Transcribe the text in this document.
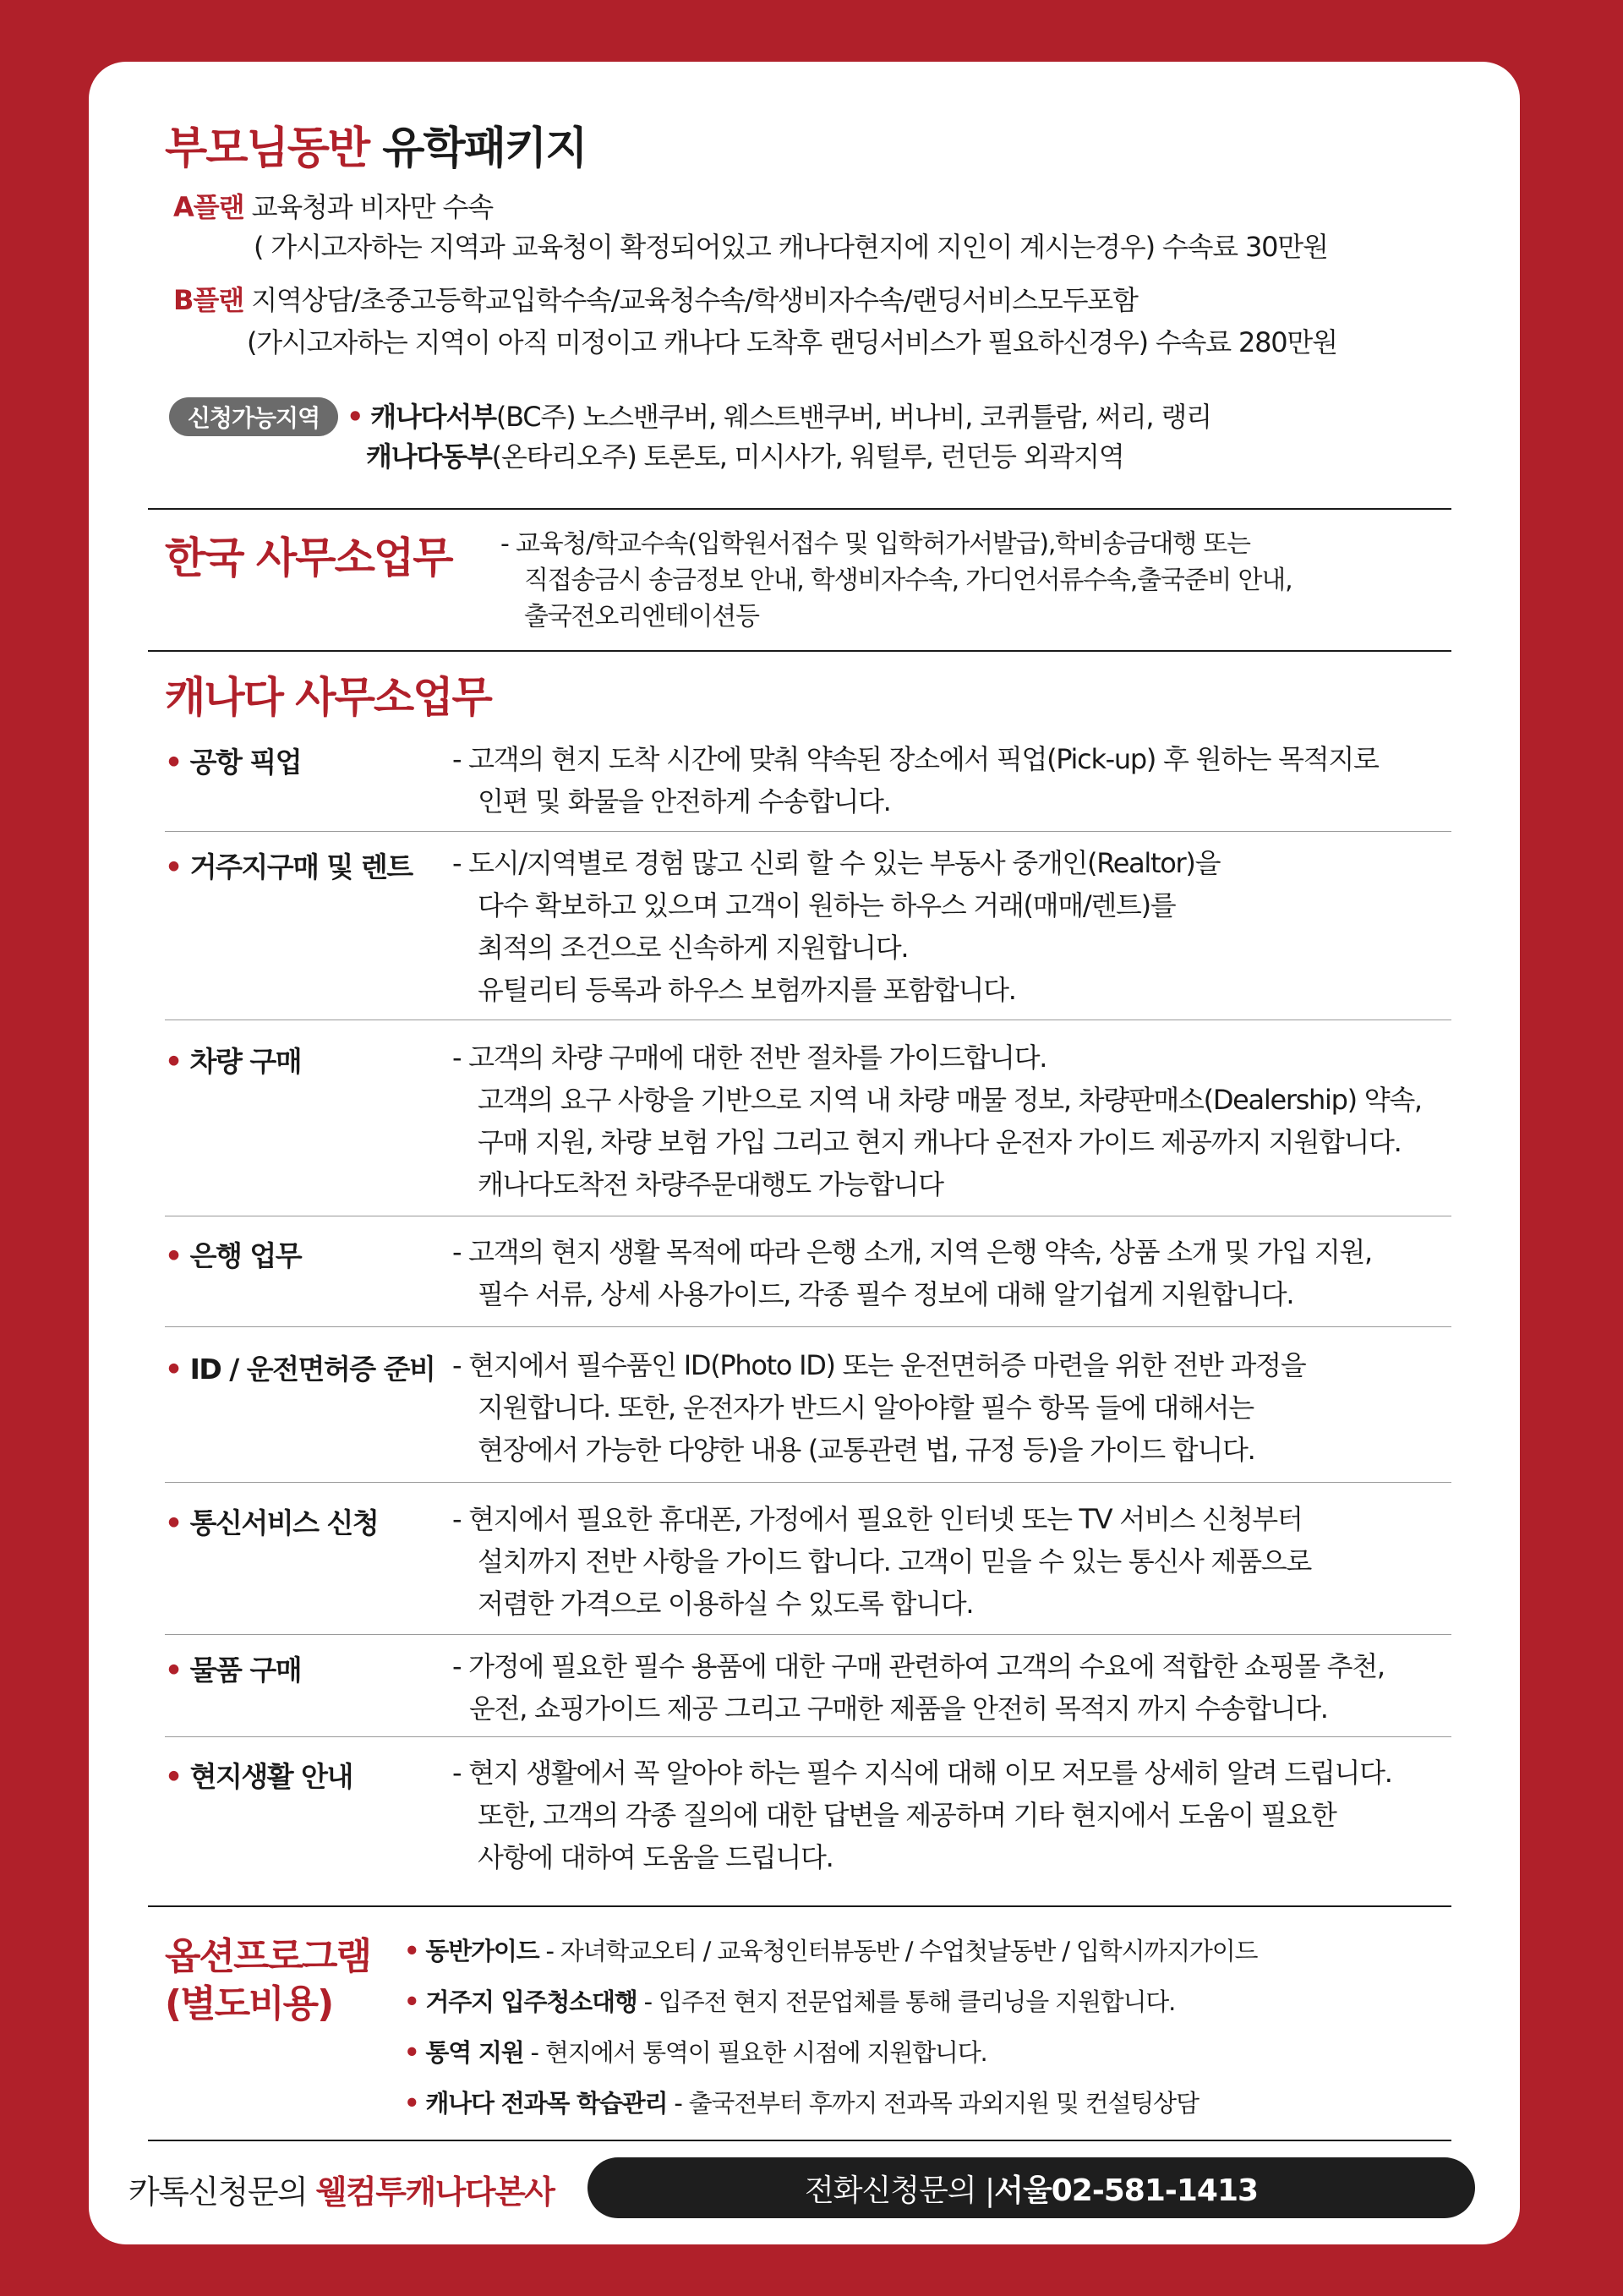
부모님동반 유학패키지
A플랜 교육청과 비자만 수속
( 가시고자하는 지역과 교육청이 확정되어있고 캐나다현지에 지인이 계시는경우) 수속료 30만원
B플랜 지역상담/초중고등학교입학수속/교육청수속/학생비자수속/랜딩서비스모두포함
(가시고자하는 지역이 아직 미정이고 캐나다 도착후 랜딩서비스가 필요하신경우) 수속료 280만원
신청가능지역 • 캐나다서부(BC주) 노스밴쿠버, 웨스트밴쿠버, 버나비, 코퀴틀람, 써리, 랭리
캐나다동부(온타리오주) 토론토, 미시사가, 워털루, 런던등 외곽지역
한국 사무소업무 - 교육청/학교수속(입학원서접수 및 입학허가서발급),학비송금대행 또는
직접송금시 송금정보 안내, 학생비자수속, 가디언서류수속,출국준비 안내,
출국전오리엔테이션등
캐나다 사무소업무
• 공항 픽업	- 고객의 현지 도착 시간에 맞춰 약속된 장소에서 픽업(Pick-up) 후 원하는 목적지로
인편 및 화물을 안전하게 수송합니다.
• 거주지구매 및 렌트 - 도시/지역별로 경험 많고 신뢰 할 수 있는 부동사 중개인(Realtor)을
다수 확보하고 있으며 고객이 원하는 하우스 거래(매매/렌트)를
최적의 조건으로 신속하게 지원합니다.
유틸리티 등록과 하우스 보험까지를 포함합니다.
• 차량 구매	- 고객의 차량 구매에 대한 전반 절차를 가이드합니다.
고객의 요구 사항을 기반으로 지역 내 차량 매물 정보, 차량판매소(Dealership) 약속,
구매 지원, 차량 보험 가입 그리고 현지 캐나다 운전자 가이드 제공까지 지원합니다.
캐나다도착전 차량주문대행도 가능합니다
• 은행 업무	- 고객의 현지 생활 목적에 따라 은행 소개, 지역 은행 약속, 상품 소개 및 가입 지원,
필수 서류, 상세 사용가이드, 각종 필수 정보에 대해 알기쉽게 지원합니다.
• ID / 운전면허증 준비 - 현지에서 필수품인 ID(Photo ID) 또는 운전면허증 마련을 위한 전반 과정을
지원합니다. 또한, 운전자가 반드시 알아야할 필수 항목 들에 대해서는
현장에서 가능한 다양한 내용 (교통관련 법, 규정 등)을 가이드 합니다.
• 통신서비스 신청	- 현지에서 필요한 휴대폰, 가정에서 필요한 인터넷 또는 TV 서비스 신청부터
설치까지 전반 사항을 가이드 합니다. 고객이 믿을 수 있는 통신사 제품으로
저렴한 가격으로 이용하실 수 있도록 합니다.
• 물품 구매	- 가정에 필요한 필수 용품에 대한 구매 관련하여 고객의 수요에 적합한 쇼핑몰 추천,
운전, 쇼핑가이드 제공 그리고 구매한 제품을 안전히 목적지 까지 수송합니다.
• 현지생활 안내	- 현지 생활에서 꼭 알아야 하는 필수 지식에 대해 이모 저모를 상세히 알려 드립니다.
또한, 고객의 각종 질의에 대한 답변을 제공하며 기타 현지에서 도움이 필요한
사항에 대하여 도움을 드립니다.
옵션프로그램
(별도비용)
• 동반가이드 - 자녀학교오티 / 교육청인터뷰동반 / 수업첫날동반 / 입학시까지가이드
• 거주지 입주청소대행 - 입주전 현지 전문업체를 통해 클리닝을 지원합니다.
• 통역 지원 - 현지에서 통역이 필요한 시점에 지원합니다.
• 캐나다 전과목 학습관리 - 출국전부터 후까지 전과목 과외지원 및 컨설팅상담
카톡신청문의 웰컴투캐나다본사	전화신청문의 | 서울02-581-1413
